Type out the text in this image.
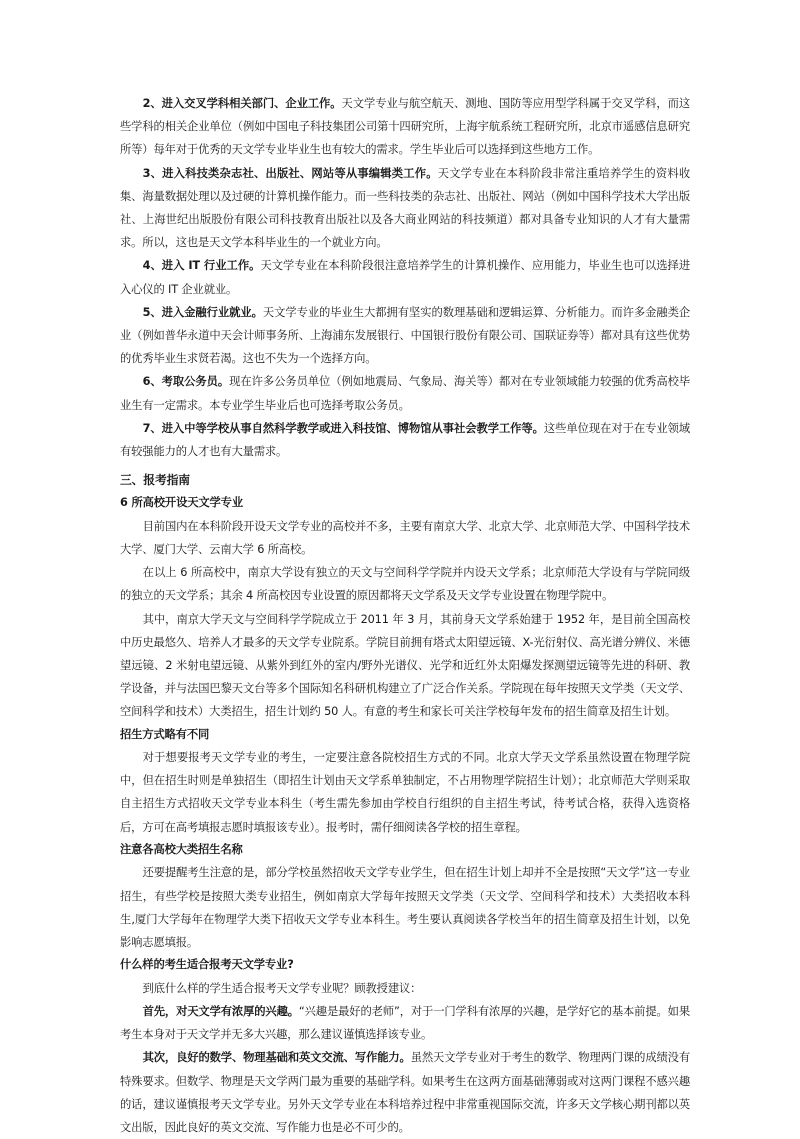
2、进入交叉学科相关部门、企业工作。天文学专业与航空航天、测地、国防等应用型学科属于交叉学科，而这些学科的相关企业单位（例如中国电子科技集团公司第十四研究所，上海宇航系统工程研究所，北京市遥感信息研究所等）每年对于优秀的天文学专业毕业生也有较大的需求。学生毕业后可以选择到这些地方工作。

3、进入科技类杂志社、出版社、网站等从事编辑类工作。天文学专业在本科阶段非常注重培养学生的资料收集、海量数据处理以及过硬的计算机操作能力。而一些科技类的杂志社、出版社、网站（例如中国科学技术大学出版社、上海世纪出版股份有限公司科技教育出版社以及各大商业网站的科技频道）都对具备专业知识的人才有大量需求。所以，这也是天文学本科毕业生的一个就业方向。

4、进入 IT 行业工作。天文学专业在本科阶段很注意培养学生的计算机操作、应用能力，毕业生也可以选择进入心仪的 IT 企业就业。

5、进入金融行业就业。天文学专业的毕业生大都拥有坚实的数理基础和逻辑运算、分析能力。而许多金融类企业（例如普华永道中天会计师事务所、上海浦东发展银行、中国银行股份有限公司、国联证券等）都对具有这些优势的优秀毕业生求贤若渴。这也不失为一个选择方向。

6、考取公务员。现在许多公务员单位（例如地震局、气象局、海关等）都对在专业领域能力较强的优秀高校毕业生有一定需求。本专业学生毕业后也可选择考取公务员。

7、进入中等学校从事自然科学教学或进入科技馆、博物馆从事社会教学工作等。这些单位现在对于在专业领域有较强能力的人才也有大量需求。

三、报考指南
6 所高校开设天文学专业

目前国内在本科阶段开设天文学专业的高校并不多，主要有南京大学、北京大学、北京师范大学、中国科学技术大学、厦门大学、云南大学 6 所高校。

在以上 6 所高校中，南京大学设有独立的天文与空间科学学院并内设天文学系；北京师范大学设有与学院同级的独立的天文学系；其余 4 所高校因专业设置的原因都将天文学系及天文学专业设置在物理学院中。

其中，南京大学天文与空间科学学院成立于 2011 年 3 月，其前身天文学系始建于 1952 年，是目前全国高校中历史最悠久、培养人才最多的天文学专业院系。学院目前拥有塔式太阳望远镜、X-光衍射仪、高光谱分辨仪、米德望远镜、2 米射电望远镜、从紫外到红外的室内/野外光谱仪、光学和近红外太阳爆发探测望远镜等先进的科研、教学设备，并与法国巴黎天文台等多个国际知名科研机构建立了广泛合作关系。学院现在每年按照天文学类（天文学、空间科学和技术）大类招生，招生计划约 50 人。有意的考生和家长可关注学校每年发布的招生简章及招生计划。

招生方式略有不同

对于想要报考天文学专业的考生，一定要注意各院校招生方式的不同。北京大学天文学系虽然设置在物理学院中，但在招生时则是单独招生（即招生计划由天文学系单独制定，不占用物理学院招生计划）；北京师范大学则采取自主招生方式招收天文学专业本科生（考生需先参加由学校自行组织的自主招生考试，待考试合格，获得入选资格后，方可在高考填报志愿时填报该专业）。报考时，需仔细阅读各学校的招生章程。

注意各高校大类招生名称

还要提醒考生注意的是，部分学校虽然招收天文学专业学生，但在招生计划上却并不全是按照“天文学”这一专业招生，有些学校是按照大类专业招生，例如南京大学每年按照天文学类（天文学、空间科学和技术）大类招收本科生,厦门大学每年在物理学大类下招收天文学专业本科生。考生要认真阅读各学校当年的招生简章及招生计划，以免影响志愿填报。

什么样的考生适合报考天文学专业?

到底什么样的学生适合报考天文学专业呢？顾教授建议：

首先，对天文学有浓厚的兴趣。“兴趣是最好的老师”，对于一门学科有浓厚的兴趣，是学好它的基本前提。如果考生本身对于天文学并无多大兴趣，那么建议谨慎选择该专业。

其次，良好的数学、物理基础和英文交流、写作能力。虽然天文学专业对于考生的数学、物理两门课的成绩没有特殊要求。但数学、物理是天文学两门最为重要的基础学科。如果考生在这两方面基础薄弱或对这两门课程不感兴趣的话，建议谨慎报考天文学专业。另外天文学专业在本科培养过程中非常重视国际交流，许多天文学核心期刊都以英文出版，因此良好的英文交流、写作能力也是必不可少的。
